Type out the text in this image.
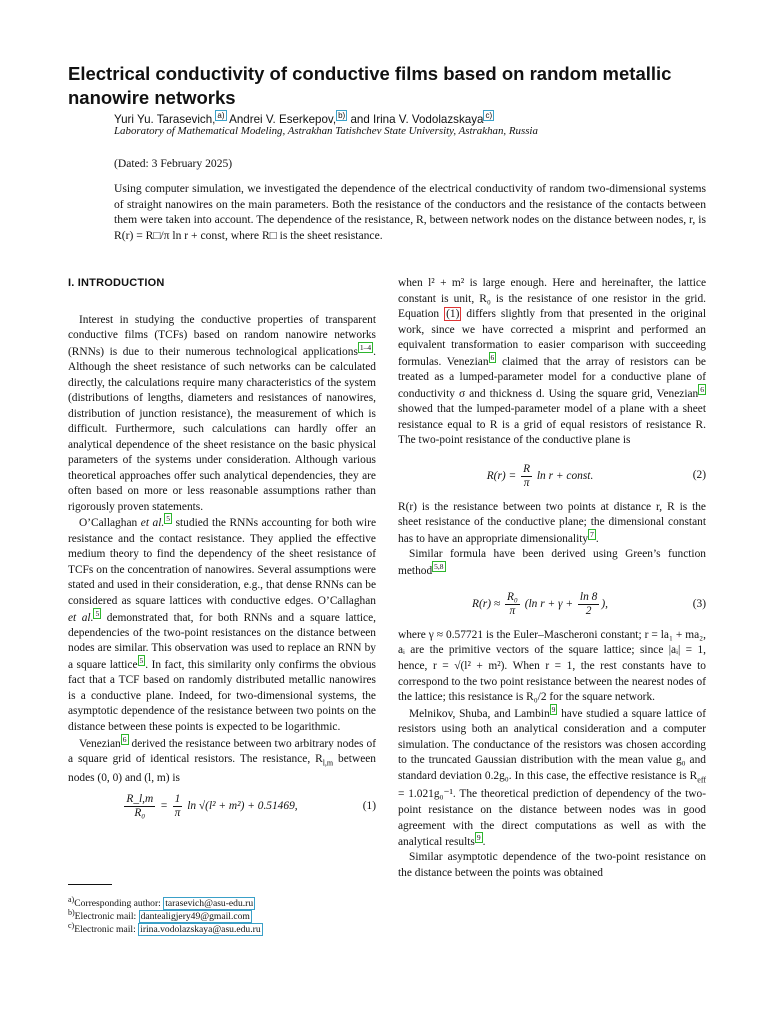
Electrical conductivity of conductive films based on random metallic nanowire networks
Yuri Yu. Tarasevich, $^{a)}$ Andrei V. Eserkepov, $^{b)}$ and Irina V. Vodolazskaya $^{c)}$
Laboratory of Mathematical Modeling, Astrakhan Tatishchev State University, Astrakhan, Russia
(Dated: 3 February 2025)
Using computer simulation, we investigated the dependence of the electrical conductivity of random two-dimensional systems of straight nanowires on the main parameters. Both the resistance of the conductors and the resistance of the contacts between them were taken into account. The dependence of the resistance, R, between network nodes on the distance between nodes, r, is R(r) = R□/π ln r + const, where R□ is the sheet resistance.
I. INTRODUCTION

Interest in studying the conductive properties of transparent conductive films (TCFs) based on random nanowire networks (RNNs) is due to their numerous technological applications $^{1-4}$ . Although the sheet resistance of such networks can be calculated directly, the calculations require many characteristics of the system (distributions of lengths, diameters and resistances of nanowires, distribution of junction resistance), the measurement of which is difficult. Furthermore, such calculations can hardly offer an analytical dependence of the sheet resistance on the basic physical parameters of the systems under consideration. Although various theoretical approaches offer such analytical dependencies, they are often based on more or less reasonable assumptions rather than rigorously proven statements.

O’Callaghan et al. $^5$ studied the RNNs accounting for both wire resistance and the contact resistance. They applied the effective medium theory to find the dependency of the sheet resistance of TCFs on the concentration of nanowires. Several assumptions were stated and used in their consideration, e.g., that dense RNNs can be considered as square lattices with conductive edges. O’Callaghan et al. $^5$ demonstrated that, for both RNNs and a square lattice, dependencies of the two-point resistances on the distance between nodes are similar. This observation was used to replace an RNN by a square lattice $^5$ . In fact, this similarity only confirms the obvious fact that a TCF based on randomly distributed metallic nanowires is a conductive plane. Indeed, for two-dimensional systems, the asymptotic dependence of the resistance between two points on the distance between these points is expected to be logarithmic.

Venezian $^6$ derived the resistance between two arbitrary nodes of a square grid of identical resistors. The resistance, $R_{l,m}$ between nodes (0, 0) and (l, m) is

$\frac{R\_l,m}{\text{R₀}} = \frac{1}{\pi}$ ln √(l² + m²) + 0.51469,	(1)

when l² + m² is large enough. Here and hereinafter, the lattice constant is unit, R₀ is the resistance of one resistor in the grid. Equation (1) differs slightly from that presented in the original work, since we have corrected a misprint and performed an equivalent transformation to easier comparison with succeeding formulas. Venezian $^6$ claimed that the array of resistors can be treated as a lumped-parameter model for a conductive plane of conductivity σ and thickness d. Using the square grid, Venezian $^6$ showed that the lumped-parameter model of a plane with a sheet resistance equal to R is a grid of equal resistors of resistance R. The two-point resistance of the conductive plane is

$R(r) = \frac{R}{\pi}$ ln r + const.	(2)

R(r) is the resistance between two points at distance r, R is the sheet resistance of the conductive plane; the dimensional constant has to have an appropriate dimensionality $^7$ .

Similar formula have been derived using Green’s function method $^{5,8}$

$R(r) \approx \frac{\text{R₀}}{\pi} (\ln$ $r + \gamma + \frac{\ln 8}{2}$ ),	(3)

where γ ≈ 0.57721 is the Euler–Mascheroni constant; r = la₁ + ma₂, aᵢ are the primitive vectors of the square lattice; since |aᵢ| = 1, hence, r = √(l² + m²). When r = 1, the rest constants have to correspond to the two point resistance between the nearest nodes of the lattice; this resistance is R₀/2 for the square network.

Melnikov, Shuba, and Lambin $^9$ have studied a square lattice of resistors using both an analytical consideration and a computer simulation. The conductance of the resistors was chosen according to the truncated Gaussian distribution with the mean value g₀ and standard deviation 0.2g₀. In this case, the effective resistance is $R_{eff} = 1.021g_0^{-1}$. The theoretical prediction of dependency of the two-point resistance on the distance between nodes was in good agreement with the direct computations as well as with the analytical results $^9$ .

Similar asymptotic dependence of the two-point resistance on the distance between the points was obtained

$^{a)}$Corresponding author: tarasevich@asu-edu.ru
$^{b)}$Electronic mail: dantealigjery49@gmail.com
$^{c)}$Electronic mail: irina.vodolazskaya@asu.edu.ru
